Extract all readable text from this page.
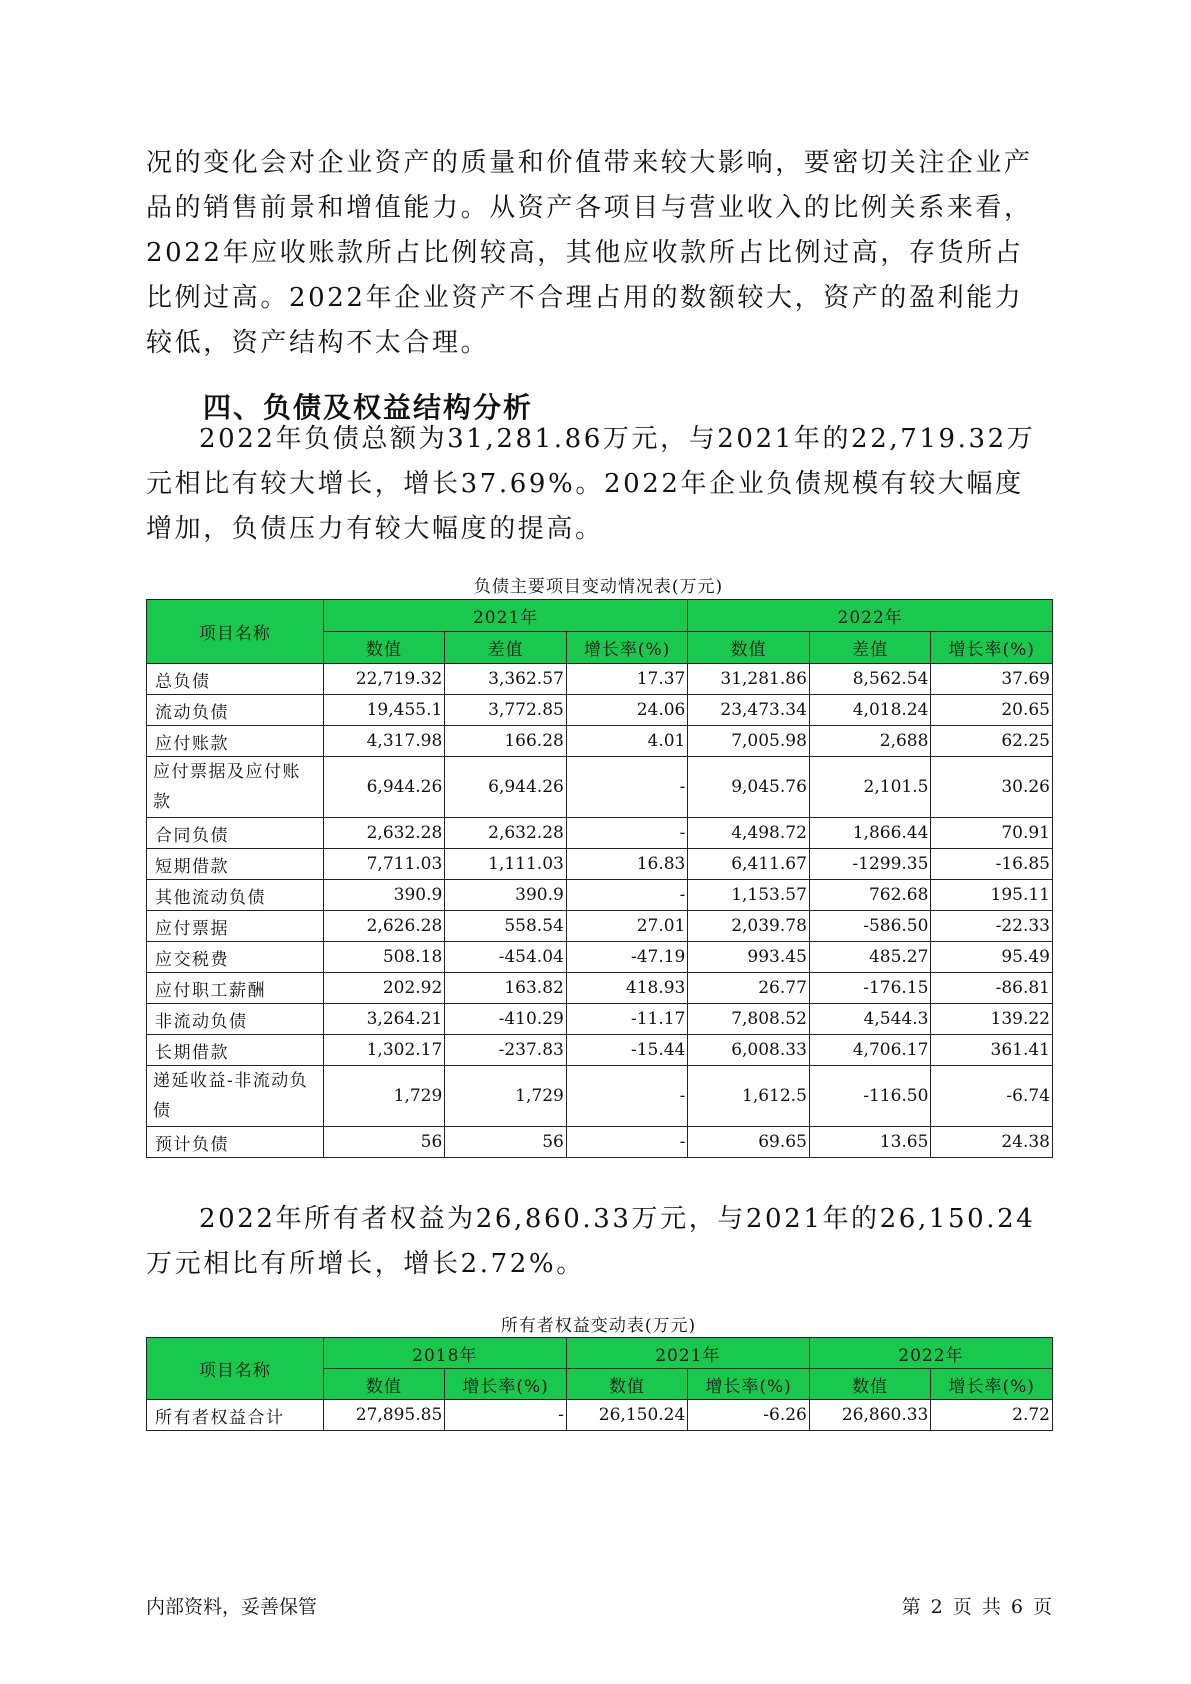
况的变化会对企业资产的质量和价值带来较大影响，要密切关注企业产品的销售前景和增值能力。从资产各项目与营业收入的比例关系来看，2022年应收账款所占比例较高，其他应收款所占比例过高，存货所占比例过高。2022年企业资产不合理占用的数额较大，资产的盈利能力较低，资产结构不太合理。

四、负债及权益结构分析

2022年负债总额为31,281.86万元，与2021年的22,719.32万元相比有较大增长，增长37.69%。2022年企业负债规模有较大幅度增加，负债压力有较大幅度的提高。

负债主要项目变动情况表(万元)
项目名称	2021年			2022年		
	数值	差值	增长率(%)	数值	差值	增长率(%)
总负债	22,719.32	3,362.57	17.37	31,281.86	8,562.54	37.69
流动负债	19,455.1	3,772.85	24.06	23,473.34	4,018.24	20.65
应付账款	4,317.98	166.28	4.01	7,005.98	2,688	62.25
应付票据及应付账款	6,944.26	6,944.26	-	9,045.76	2,101.5	30.26
合同负债	2,632.28	2,632.28	-	4,498.72	1,866.44	70.91
短期借款	7,711.03	1,111.03	16.83	6,411.67	-1299.35	-16.85
其他流动负债	390.9	390.9	-	1,153.57	762.68	195.11
应付票据	2,626.28	558.54	27.01	2,039.78	-586.50	-22.33
应交税费	508.18	-454.04	-47.19	993.45	485.27	95.49
应付职工薪酬	202.92	163.82	418.93	26.77	-176.15	-86.81
非流动负债	3,264.21	-410.29	-11.17	7,808.52	4,544.3	139.22
长期借款	1,302.17	-237.83	-15.44	6,008.33	4,706.17	361.41
递延收益-非流动负债	1,729	1,729	-	1,612.5	-116.50	-6.74
预计负债	56	56	-	69.65	13.65	24.38

2022年所有者权益为26,860.33万元，与2021年的26,150.24万元相比有所增长，增长2.72%。

所有者权益变动表(万元)
项目名称	2018年		2021年		2022年	
	数值	增长率(%)	数值	增长率(%)	数值	增长率(%)
所有者权益合计	27,895.85	-	26,150.24	-6.26	26,860.33	2.72
内部资料，妥善保管	第 2 页 共 6 页
